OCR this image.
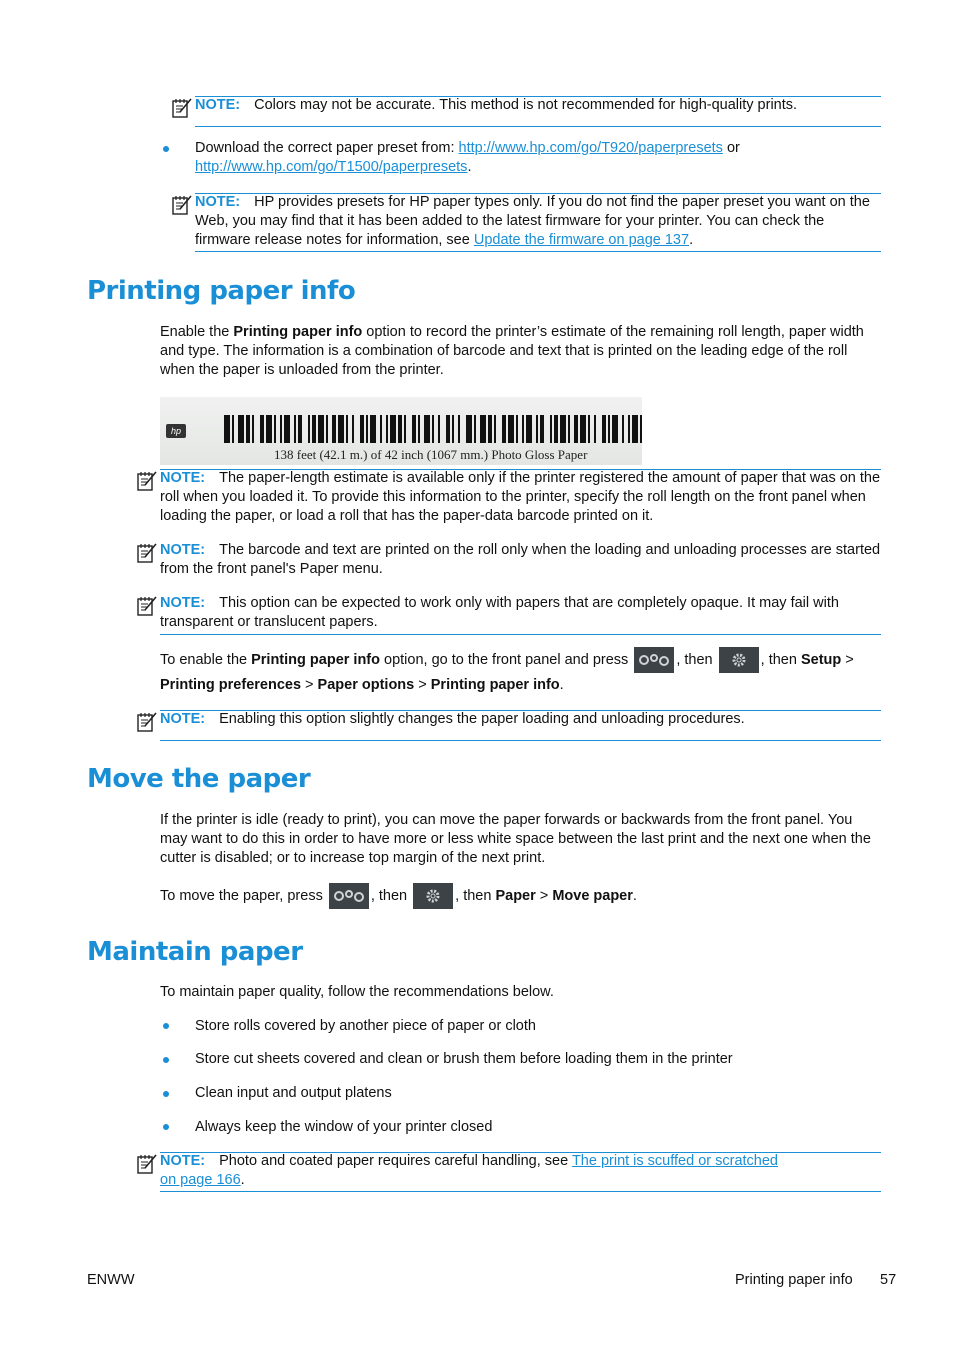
NOTE: Colors may not be accurate. This method is not recommended for high-quality prints.
Download the correct paper preset from: http://www.hp.com/go/T920/paperpresets or
http://www.hp.com/go/T1500/paperpresets.
NOTE: HP provides presets for HP paper types only. If you do not find the paper preset you want on the Web, you may find that it has been added to the latest firmware for your printer. You can check the firmware release notes for information, see Update the firmware on page 137.
Printing paper info
Enable the Printing paper info option to record the printer’s estimate of the remaining roll length, paper width and type. The information is a combination of barcode and text that is printed on the leading edge of the roll when the paper is unloaded from the printer.
hp
138 feet (42.1 m.) of 42 inch (1067 mm.) Photo Gloss Paper
NOTE: The paper-length estimate is available only if the printer registered the amount of paper that was on the roll when you loaded it. To provide this information to the printer, specify the roll length on the front panel when loading the paper, or load a roll that has the paper-data barcode printed on it.
NOTE: The barcode and text are printed on the roll only when the loading and unloading processes are started from the front panel's Paper menu.
NOTE: This option can be expected to work only with papers that are completely opaque. It may fail with transparent or translucent papers.
To enable the Printing paper info option, go to the front panel and press	, then	, then Setup >
Printing preferences > Paper options > Printing paper info.
NOTE: Enabling this option slightly changes the paper loading and unloading procedures.
Move the paper
If the printer is idle (ready to print), you can move the paper forwards or backwards from the front panel. You may want to do this in order to have more or less white space between the last print and the next one when the cutter is disabled; or to increase top margin of the next print.
To move the paper, press	, then	, then Paper > Move paper.
Maintain paper
To maintain paper quality, follow the recommendations below.
Store rolls covered by another piece of paper or cloth
Store cut sheets covered and clean or brush them before loading them in the printer
Clean input and output platens
Always keep the window of your printer closed
NOTE: Photo and coated paper requires careful handling, see The print is scuffed or scratched
on page 166.
ENWW	Printing paper info 57
